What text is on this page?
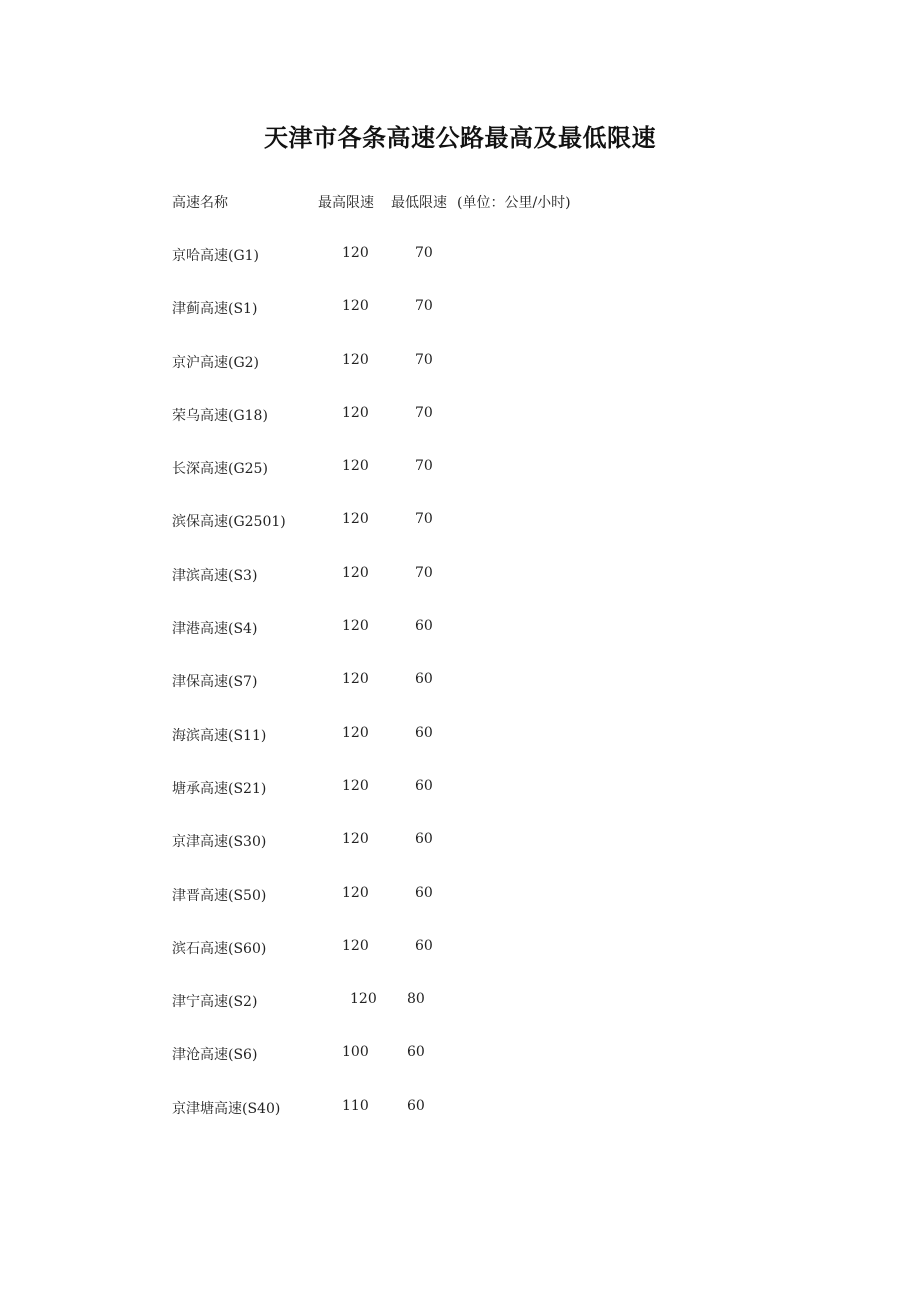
天津市各条高速公路最高及最低限速
高速名称	最高限速 最低限速 (单位：公里/小时)
京哈高速(G1)	120	70
津蓟高速(S1)	120	70
京沪高速(G2)	120	70
荣乌高速(G18)	120	70
长深高速(G25)	120	70
滨保高速(G2501)	120	70
津滨高速(S3)	120	70
津港高速(S4)	120	60
津保高速(S7)	120	60
海滨高速(S11)	120	60
塘承高速(S21)	120	60
京津高速(S30)	120	60
津晋高速(S50)	120	60
滨石高速(S60)	120	60
津宁高速(S2)	120 80
津沧高速(S6)	100	60
京津塘高速(S40)	110	60
